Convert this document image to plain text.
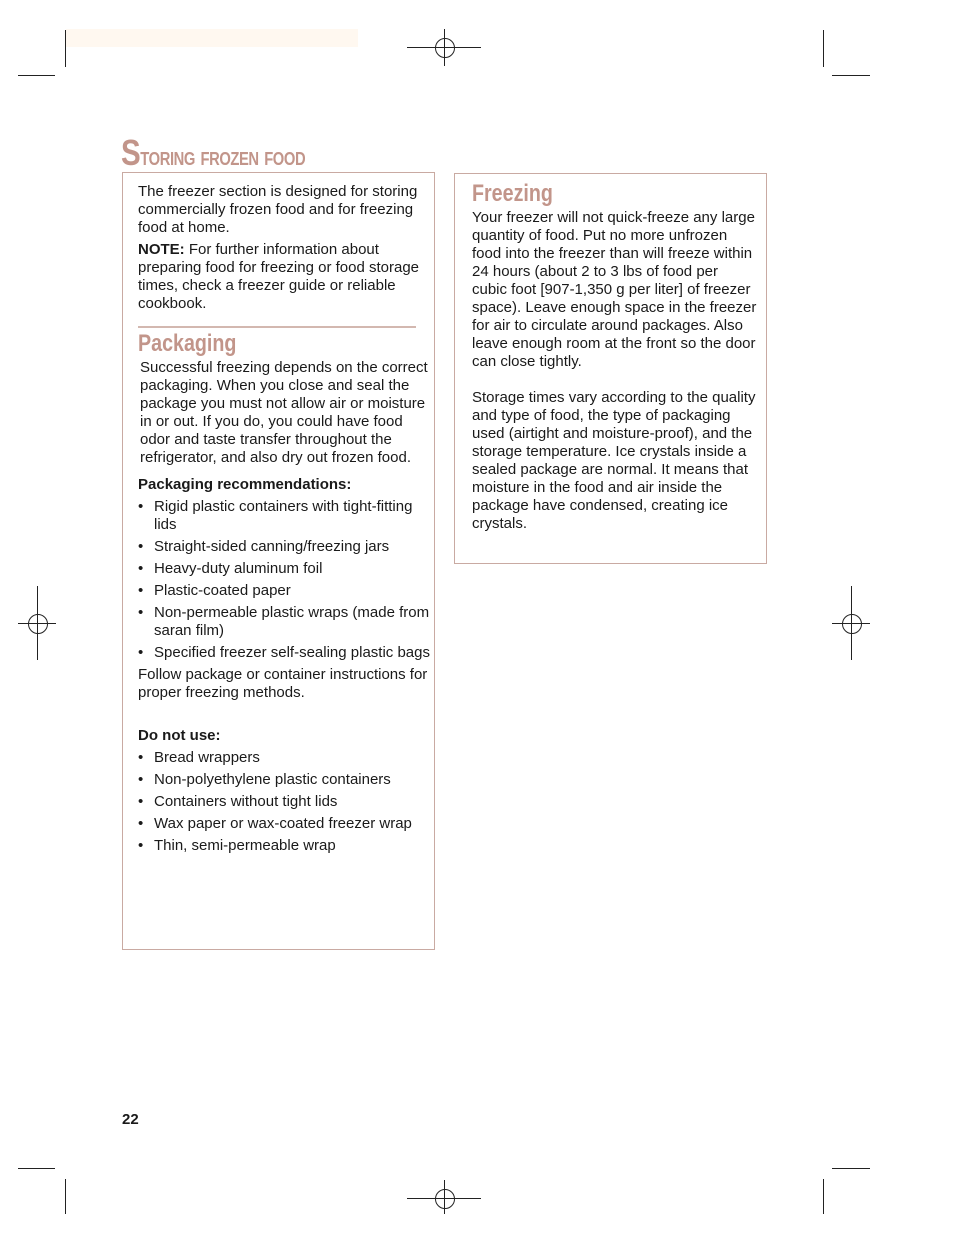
Storing frozen food

The freezer section is designed for storing commercially frozen food and for freezing food at home.

NOTE: For further information about preparing food for freezing or food storage times, check a freezer guide or reliable cookbook.

Packaging

Successful freezing depends on the correct packaging. When you close and seal the package you must not allow air or moisture in or out. If you do, you could have food odor and taste transfer throughout the refrigerator, and also dry out frozen food.

Packaging recommendations:

• Rigid plastic containers with tight-fitting lids
• Straight-sided canning/freezing jars
• Heavy-duty aluminum foil
• Plastic-coated paper
• Non-permeable plastic wraps (made from saran film)
• Specified freezer self-sealing plastic bags

Follow package or container instructions for proper freezing methods.

Do not use:

• Bread wrappers
• Non-polyethylene plastic containers
• Containers without tight lids
• Wax paper or wax-coated freezer wrap
• Thin, semi-permeable wrap
Freezing

Your freezer will not quick-freeze any large quantity of food. Put no more unfrozen food into the freezer than will freeze within 24 hours (about 2 to 3 lbs of food per cubic foot [907-1,350 g per liter] of freezer space). Leave enough space in the freezer for air to circulate around packages. Also leave enough room at the front so the door can close tightly.

Storage times vary according to the quality and type of food, the type of packaging used (airtight and moisture-proof), and the storage temperature. Ice crystals inside a sealed package are normal. It means that moisture in the food and air inside the package have condensed, creating ice crystals.

22
